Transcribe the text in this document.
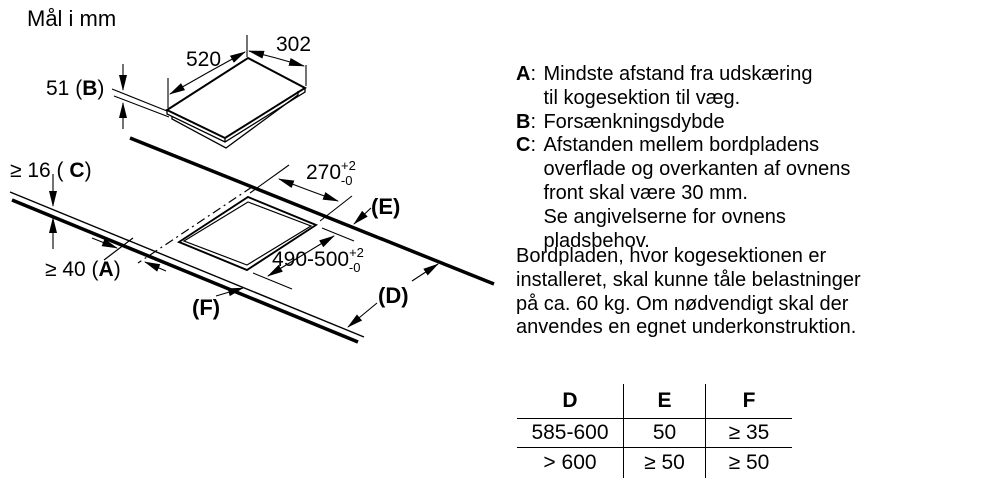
Mål i mm
302
520
51 (B)
≥ 16 ( C)
≥ 40 (A)
$270^{+2}$ -0
$490-500^{+2}$ -0
(E)
(D)
(F)
A : Mindste afstand fra udskæring
til kogesektion til væg.
B : Forsænkningsdybde
C : Afstanden mellem bordpladens
overflade og overkanten af ovnens
front skal være 30 mm.
Se angivelserne for ovnens pladsbehov.
Bordpladen, hvor kogesektionen er
installeret, skal kunne tåle belastninger
på ca. 60 kg. Om nødvendigt skal der
anvendes en egnet underkonstruktion.
D	E	F
585-600	50	≥ 35
> 600	≥ 50	≥ 50
